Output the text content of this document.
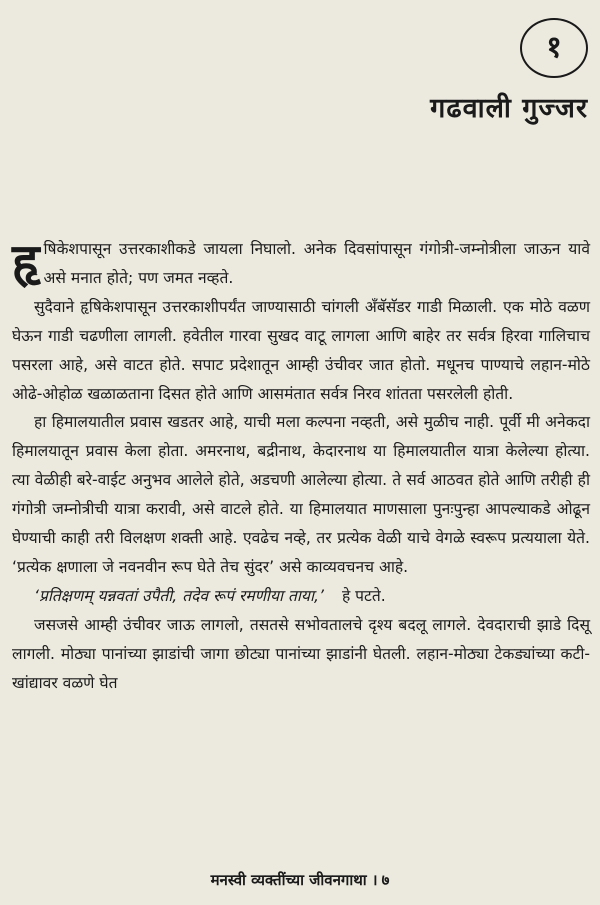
१
गढवाली गुज्जर

हृषिकेशपासून उत्तरकाशीकडे जायला निघालो. अनेक दिवसांपासून गंगोत्री-जम्नोत्रीला जाऊन यावे असे मनात होते; पण जमत नव्हते.

सुदैवाने हृषिकेशपासून उत्तरकाशीपर्यंत जाण्यासाठी चांगली अँबॅसॅडर गाडी मिळाली. एक मोठे वळण घेऊन गाडी चढणीला लागली. हवेतील गारवा सुखद वाटू लागला आणि बाहेर तर सर्वत्र हिरवा गालिचाच पसरला आहे, असे वाटत होते. सपाट प्रदेशातून आम्ही उंचीवर जात होतो. मधूनच पाण्याचे लहान-मोठे ओढे-ओहोळ खळाळताना दिसत होते आणि आसमंतात सर्वत्र निरव शांतता पसरलेली होती.

हा हिमालयातील प्रवास खडतर आहे, याची मला कल्पना नव्हती, असे मुळीच नाही. पूर्वी मी अनेकदा हिमालयातून प्रवास केला होता. अमरनाथ, बद्रीनाथ, केदारनाथ या हिमालयातील यात्रा केलेल्या होत्या. त्या वेळीही बरे-वाईट अनुभव आलेले होते, अडचणी आलेल्या होत्या. ते सर्व आठवत होते आणि तरीही ही गंगोत्री जम्नोत्रीची यात्रा करावी, असे वाटले होते. या हिमालयात माणसाला पुनःपुन्हा आपल्याकडे ओढून घेण्याची काही तरी विलक्षण शक्ती आहे. एवढेच नव्हे, तर प्रत्येक वेळी याचे वेगळे स्वरूप प्रत्ययाला येते. ‘प्रत्येक क्षणाला जे नवनवीन रूप घेते तेच सुंदर’ असे काव्यवचनच आहे.

‘प्रतिक्षणम् यन्नवतां उपैती, तदेव रूपं रमणीया ताया,’ हे पटते.

जसजसे आम्ही उंचीवर जाऊ लागलो, तसतसे सभोवतालचे दृश्य बदलू लागले. देवदाराची झाडे दिसू लागली. मोठ्या पानांच्या झाडांची जागा छोट्या पानांच्या झाडांनी घेतली. लहान-मोठ्या टेकड्यांच्या कटी-खांद्यावर वळणे घेत

मनस्वी व्यक्तींच्या जीवनगाथा । ७
